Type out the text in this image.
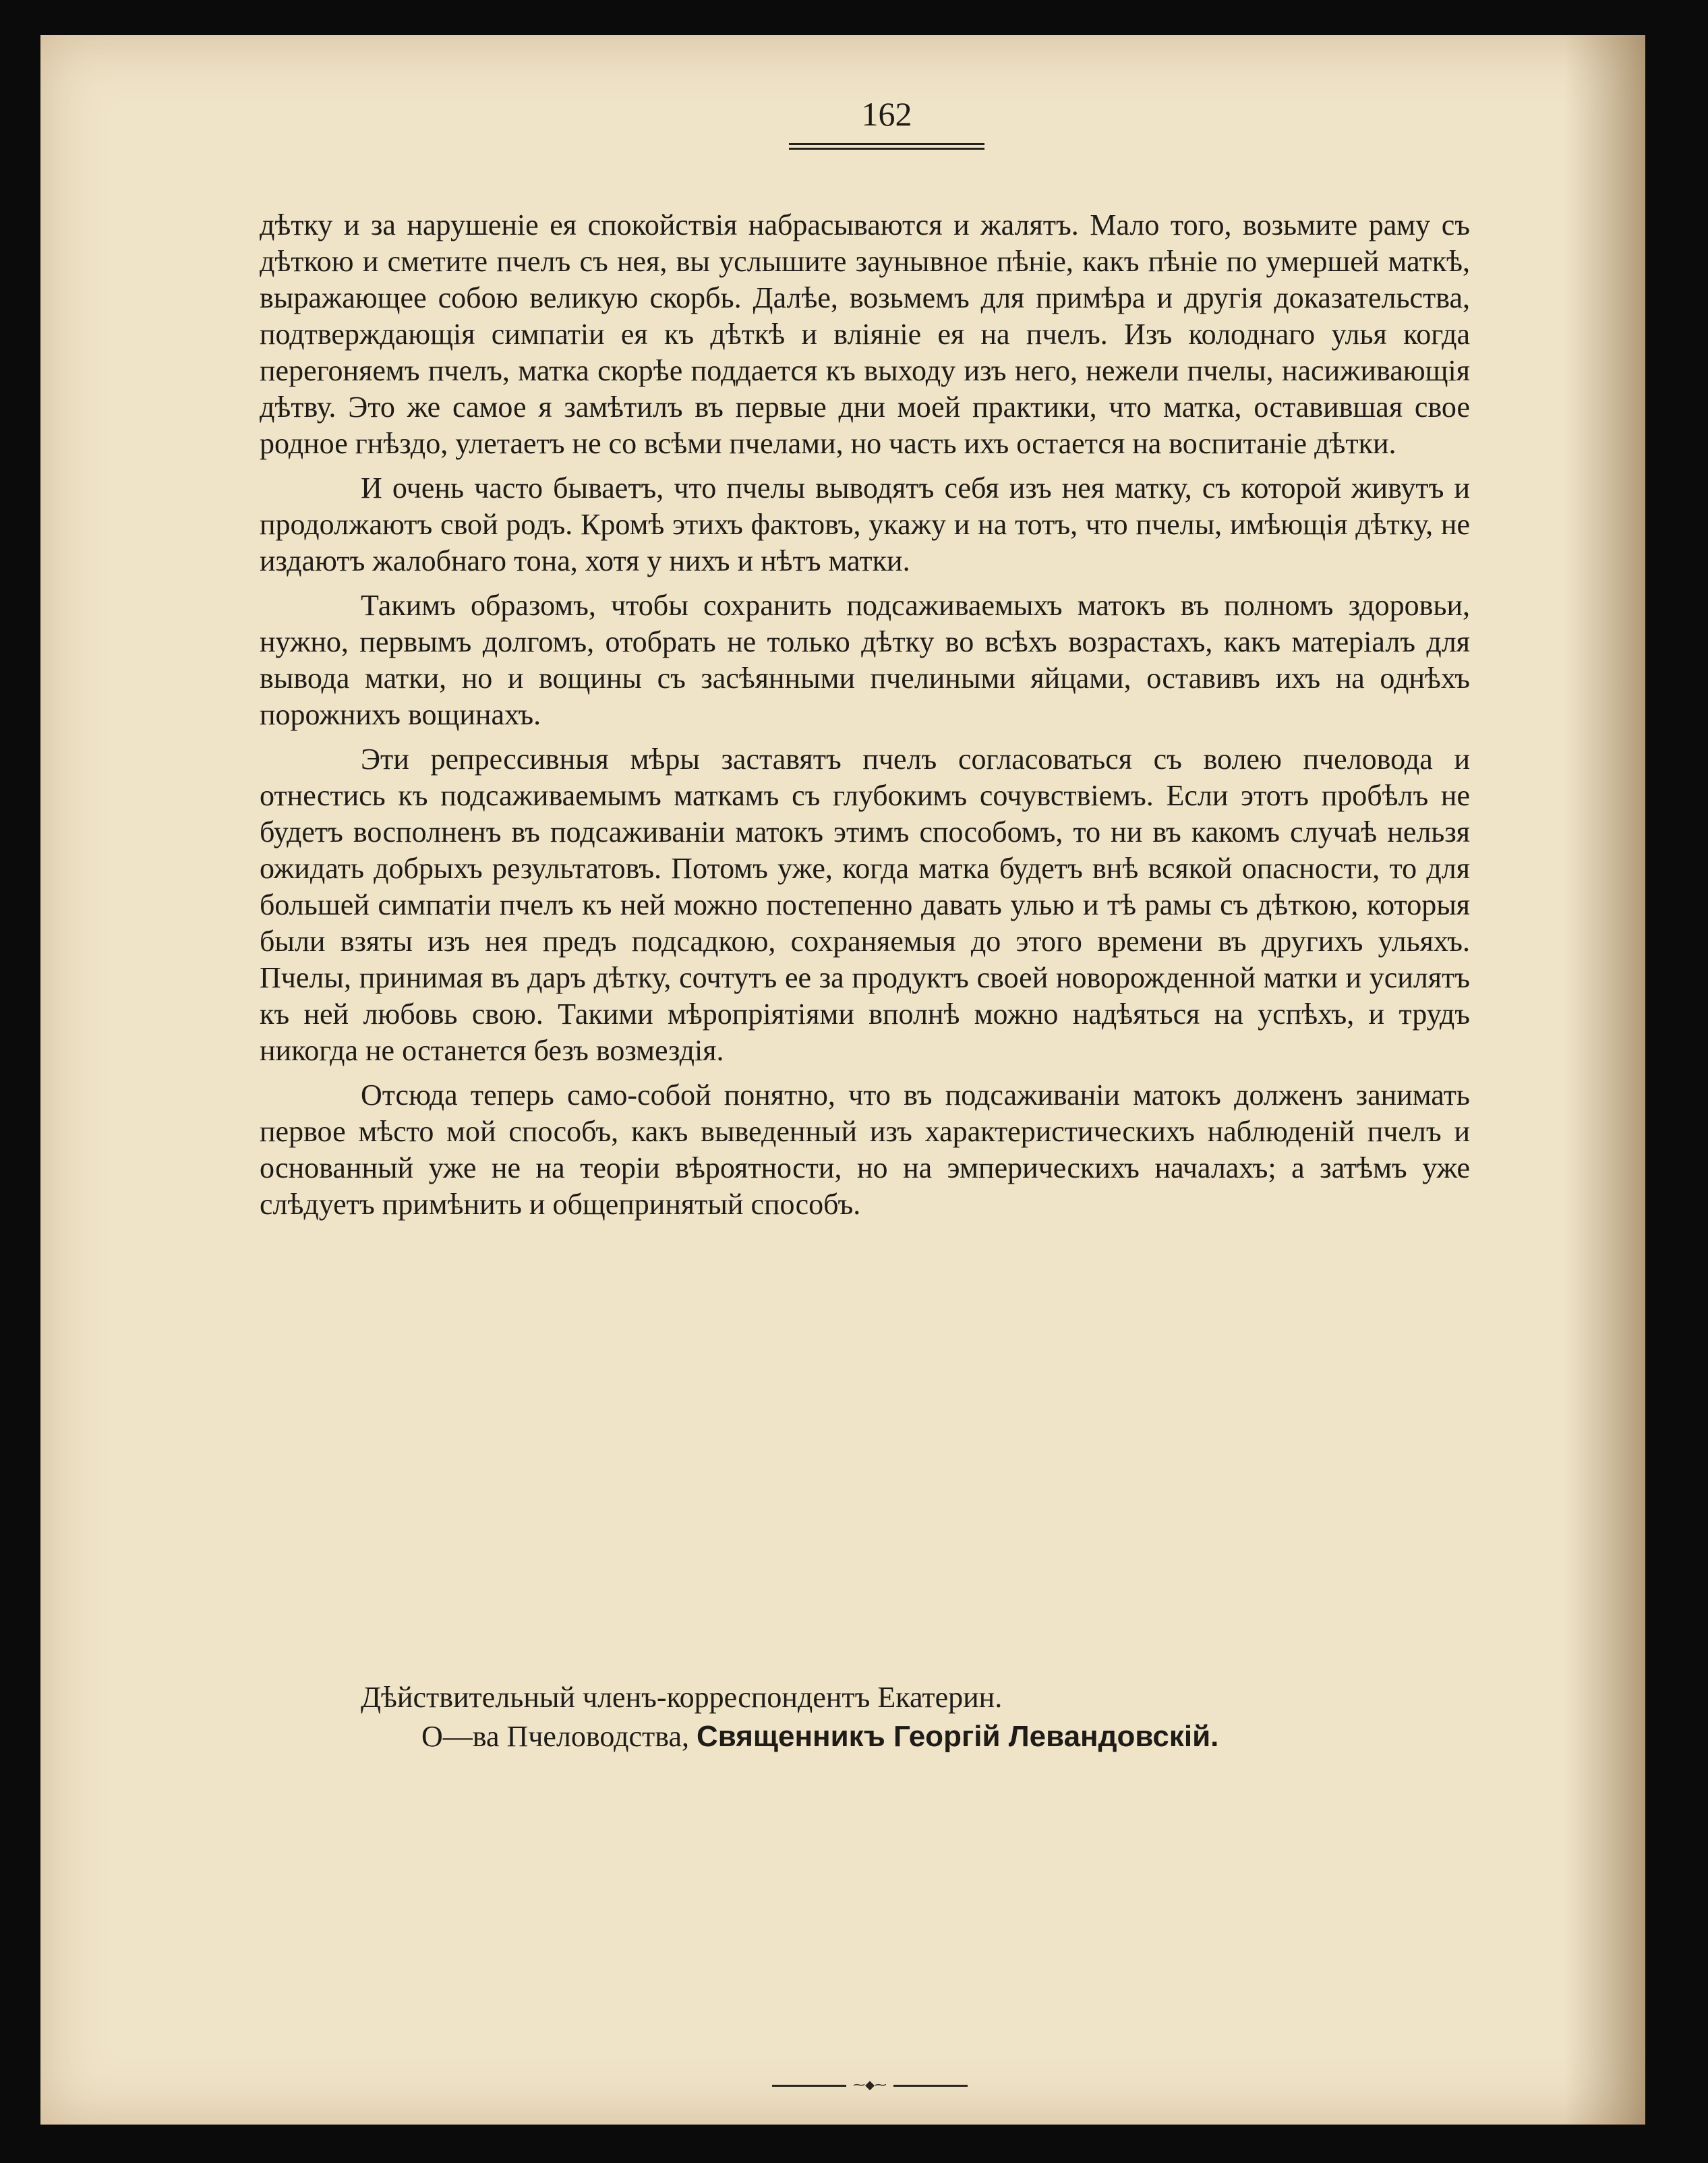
162

дѣтку и за нарушеніе ея спокойствія набрасываются и жалятъ. Мало того, возьмите раму съ дѣткою и сметите пчелъ съ нея, вы услышите заунывное пѣніе, какъ пѣніе по умершей маткѣ, выражающее собою великую скорбь. Далѣе, возьмемъ для примѣра и другія доказательства, подтверждающія симпатіи ея къ дѣткѣ и вліяніе ея на пчелъ. Изъ колоднаго улья когда перегоняемъ пчелъ, матка скорѣе поддается къ выходу изъ него, нежели пчелы, насиживающія дѣтву. Это же самое я замѣтилъ въ первые дни моей практики, что матка, оставившая свое родное гнѣздо, улетаетъ не со всѣми пчелами, но часть ихъ остается на воспитаніе дѣтки.

И очень часто бываетъ, что пчелы выводятъ себя изъ нея матку, съ которой живутъ и продолжаютъ свой родъ. Кромѣ этихъ фактовъ, укажу и на тотъ, что пчелы, имѣющія дѣтку, не издаютъ жалобнаго тона, хотя у нихъ и нѣтъ матки.

Такимъ образомъ, чтобы сохранить подсаживаемыхъ матокъ въ полномъ здоровьи, нужно, первымъ долгомъ, отобрать не только дѣтку во всѣхъ возрастахъ, какъ матеріалъ для вывода матки, но и вощины съ засѣянными пчелиными яйцами, оставивъ ихъ на однѣхъ порожнихъ вощинахъ.

Эти репрессивныя мѣры заставятъ пчелъ согласоваться съ волею пчеловода и отнестись къ подсаживаемымъ маткамъ съ глубокимъ сочувствіемъ. Если этотъ пробѣлъ не будетъ восполненъ въ подсаживаніи матокъ этимъ способомъ, то ни въ какомъ случаѣ нельзя ожидать добрыхъ результатовъ. Потомъ уже, когда матка будетъ внѣ всякой опасности, то для большей симпатіи пчелъ къ ней можно постепенно давать улью и тѣ рамы съ дѣткою, которыя были взяты изъ нея предъ подсадкою, сохраняемыя до этого времени въ другихъ ульяхъ. Пчелы, принимая въ даръ дѣтку, сочтутъ ее за продуктъ своей новорожденной матки и усилятъ къ ней любовь свою. Такими мѣропріятіями вполнѣ можно надѣяться на успѣхъ, и трудъ никогда не останется безъ возмездія.

Отсюда теперь само-собой понятно, что въ подсаживаніи матокъ долженъ занимать первое мѣсто мой способъ, какъ выведенный изъ характеристическихъ наблюденій пчелъ и основанный уже не на теоріи вѣроятности, но на эмперическихъ началахъ; а затѣмъ уже слѣдуетъ примѣнить и общепринятый способъ.

Дѣйствительный членъ-корреспондентъ Екатерин.
О—ва Пчеловодства, Священникъ Георгій Левандовскій.
⁓◆⁓
